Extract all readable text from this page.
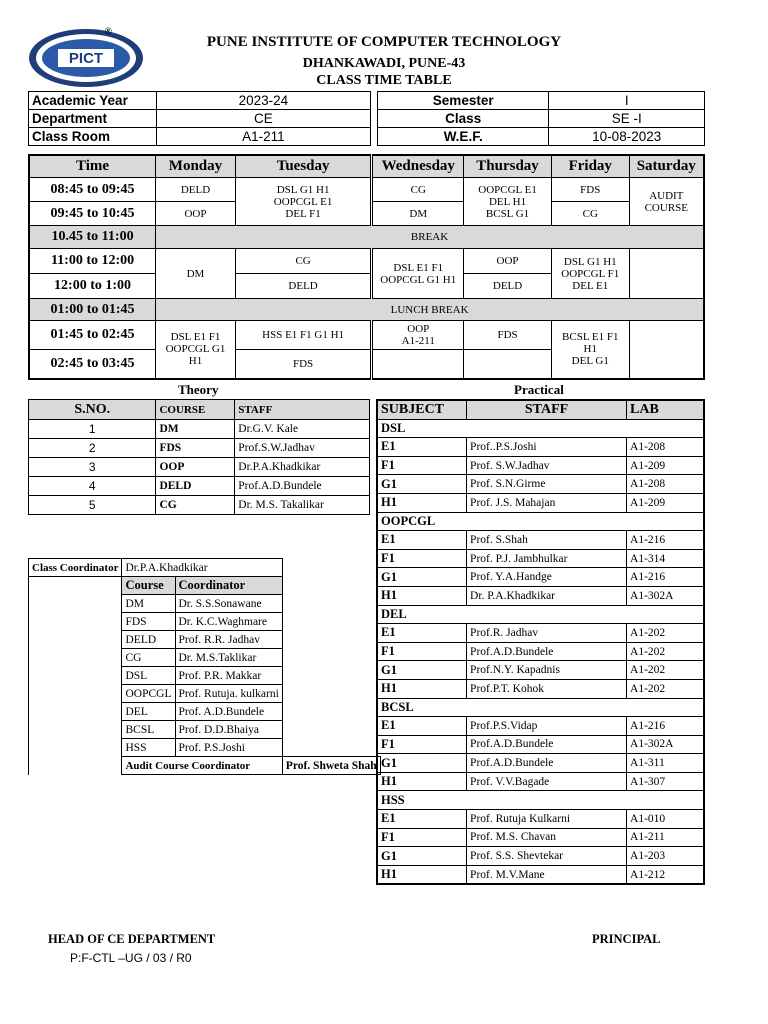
PICT
®
PUNE INSTITUTE OF COMPUTER TECHNOLOGY
DHANKAWADI, PUNE-43
CLASS TIME TABLE
Academic Year	2023-24		Semester	I
Department	CE		Class	SE -I
Class Room	A1-211		W.E.F.	10-08-2023
Time	Monday	Tuesday	Wednesday	Thursday	Friday	Saturday
08:45 to 09:45	DELD	DSL G1 H1
OOPCGL E1
DEL F1	CG	OOPCGL E1
DEL H1
BCSL G1	FDS	AUDIT
COURSE
09:45 to 10:45	OOP		DM		CG	
10.45 to 11:00	BREAK					
11:00 to 12:00	DM	CG	DSL E1 F1
OOPCGL G1 H1	OOP	DSL G1 H1
OOPCGL F1
DEL E1	
12:00 to 1:00		DELD		DELD		
01:00 to 01:45	LUNCH BREAK					
01:45 to 02:45	DSL E1 F1
OOPCGL G1
H1	HSS E1 F1 G1 H1	OOP
A1-211	FDS	BCSL E1 F1
H1
DEL G1	
02:45 to 03:45		FDS				
Theory	Practical
S.NO.	COURSE	STAFF
1	DM	Dr.G.V. Kale
2	FDS	Prof.S.W.Jadhav
3	OOP	Dr.P.A.Khadkikar
4	DELD	Prof.A.D.Bundele
5	CG	Dr. M.S. Takalikar
Class Coordinator	Dr.P.A.Khadkikar		
	Course	Coordinator	
	DM	Dr. S.S.Sonawane	
	FDS	Dr. K.C.Waghmare	
	DELD	Prof. R.R. Jadhav	
	CG	Dr. M.S.Taklikar	
	DSL	Prof. P.R. Makkar	
	OOPCGL	Prof. Rutuja. kulkarni	
	DEL	Prof. A.D.Bundele	
	BCSL	Prof. D.D.Bhaiya	
	HSS	Prof. P.S.Joshi	
	Audit Course Coordinator		Prof. Shweta Shah
SUBJECT	STAFF	LAB
DSL		
E1	Prof..P.S.Joshi	A1-208
F1	Prof. S.W.Jadhav	A1-209
G1	Prof. S.N.Girme	A1-208
H1	Prof. J.S. Mahajan	A1-209
OOPCGL		
E1	Prof. S.Shah	A1-216
F1	Prof. P.J. Jambhulkar	A1-314
G1	Prof. Y.A.Handge	A1-216
H1	Dr. P.A.Khadkikar	A1-302A
DEL		
E1	Prof.R. Jadhav	A1-202
F1	Prof.A.D.Bundele	A1-202
G1	Prof.N.Y. Kapadnis	A1-202
H1	Prof.P.T. Kohok	A1-202
BCSL		
E1	Prof.P.S.Vidap	A1-216
F1	Prof.A.D.Bundele	A1-302A
G1	Prof.A.D.Bundele	A1-311
H1	Prof. V.V.Bagade	A1-307
HSS		
E1	Prof. Rutuja Kulkarni	A1-010
F1	Prof. M.S. Chavan	A1-211
G1	Prof. S.S. Shevtekar	A1-203
H1	Prof. M.V.Mane	A1-212
HEAD OF CE DEPARTMENT	PRINCIPAL
P:F-CTL –UG / 03 / R0
